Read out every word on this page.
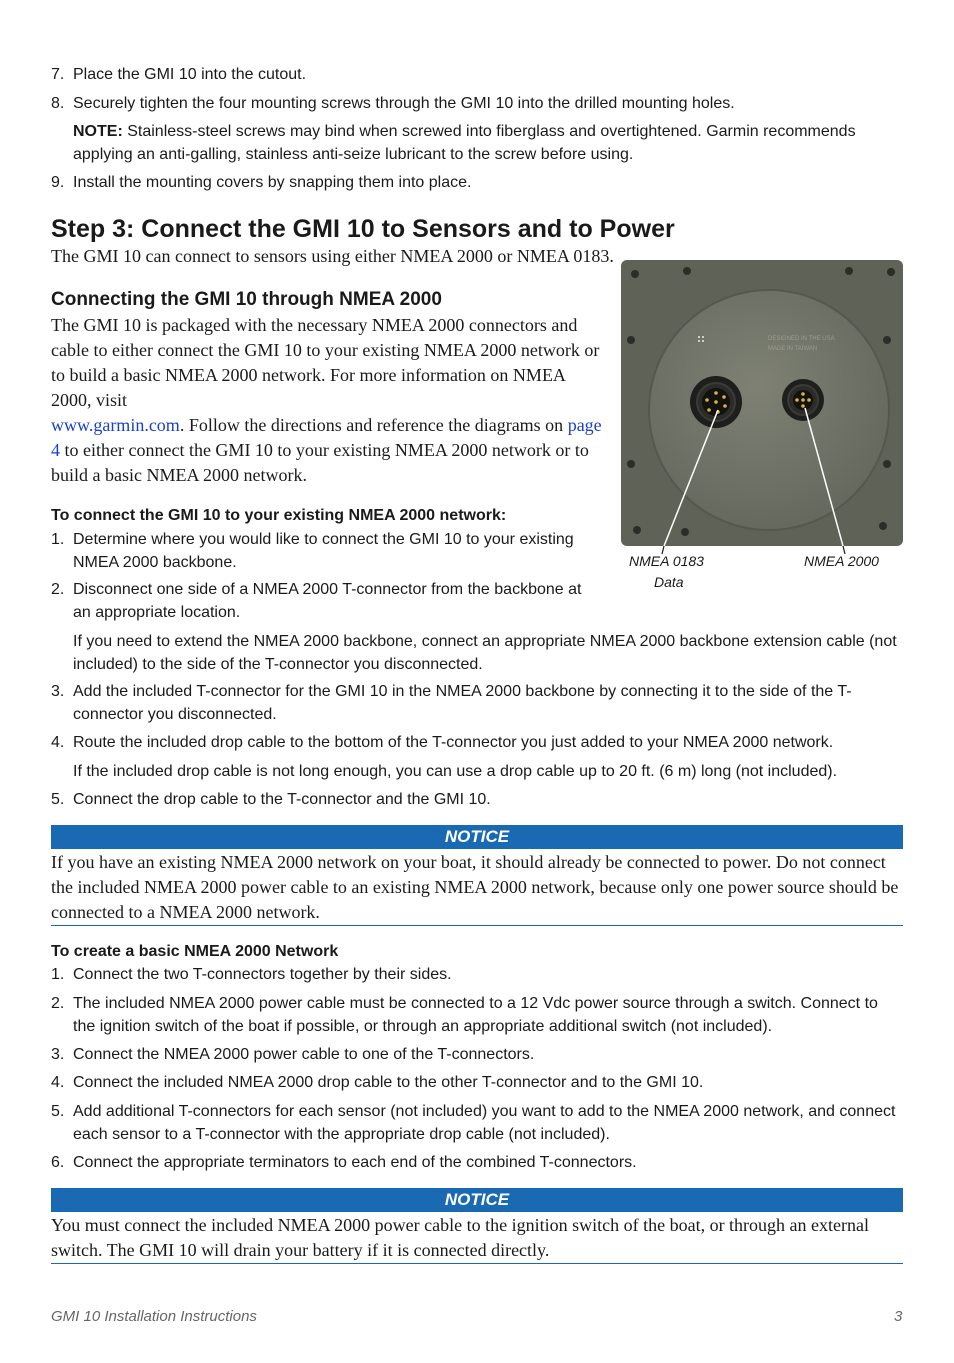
7. Place the GMI 10 into the cutout.
8. Securely tighten the four mounting screws through the GMI 10 into the drilled mounting holes.
NOTE: Stainless-steel screws may bind when screwed into fiberglass and overtightened. Garmin recommends applying an anti-galling, stainless anti-seize lubricant to the screw before using.
9. Install the mounting covers by snapping them into place.
Step 3: Connect the GMI 10 to Sensors and to Power
The GMI 10 can connect to sensors using either NMEA 2000 or NMEA 0183.
Connecting the GMI 10 through NMEA 2000
The GMI 10 is packaged with the necessary NMEA 2000 connectors and cable to either connect the GMI 10 to your existing NMEA 2000 network or to build a basic NMEA 2000 network. For more information on NMEA 2000, visit
www.garmin.com. Follow the directions and reference the diagrams on page 4 to either connect the GMI 10 to your existing NMEA 2000 network or to build a basic NMEA 2000 network.
DESIGNED IN THE USA
MADE IN TAIWAN
NMEA 0183
Data
NMEA 2000
To connect the GMI 10 to your existing NMEA 2000 network:
1. Determine where you would like to connect the GMI 10 to your existing NMEA 2000 backbone.
2. Disconnect one side of a NMEA 2000 T-connector from the backbone at an appropriate location.
If you need to extend the NMEA 2000 backbone, connect an appropriate NMEA 2000 backbone extension cable (not included) to the side of the T-connector you disconnected.
3. Add the included T-connector for the GMI 10 in the NMEA 2000 backbone by connecting it to the side of the T-connector you disconnected.
4. Route the included drop cable to the bottom of the T-connector you just added to your NMEA 2000 network.
If the included drop cable is not long enough, you can use a drop cable up to 20 ft. (6 m) long (not included).
5. Connect the drop cable to the T-connector and the GMI 10.
NOTICE
If you have an existing NMEA 2000 network on your boat, it should already be connected to power. Do not connect the included NMEA 2000 power cable to an existing NMEA 2000 network, because only one power source should be connected to a NMEA 2000 network.
To create a basic NMEA 2000 Network
1. Connect the two T-connectors together by their sides.
2. The included NMEA 2000 power cable must be connected to a 12 Vdc power source through a switch. Connect to the ignition switch of the boat if possible, or through an appropriate additional switch (not included).
3. Connect the NMEA 2000 power cable to one of the T-connectors.
4. Connect the included NMEA 2000 drop cable to the other T-connector and to the GMI 10.
5. Add additional T-connectors for each sensor (not included) you want to add to the NMEA 2000 network, and connect each sensor to a T-connector with the appropriate drop cable (not included).
6. Connect the appropriate terminators to each end of the combined T-connectors.
NOTICE
You must connect the included NMEA 2000 power cable to the ignition switch of the boat, or through an external switch. The GMI 10 will drain your battery if it is connected directly.
GMI 10 Installation Instructions	3
